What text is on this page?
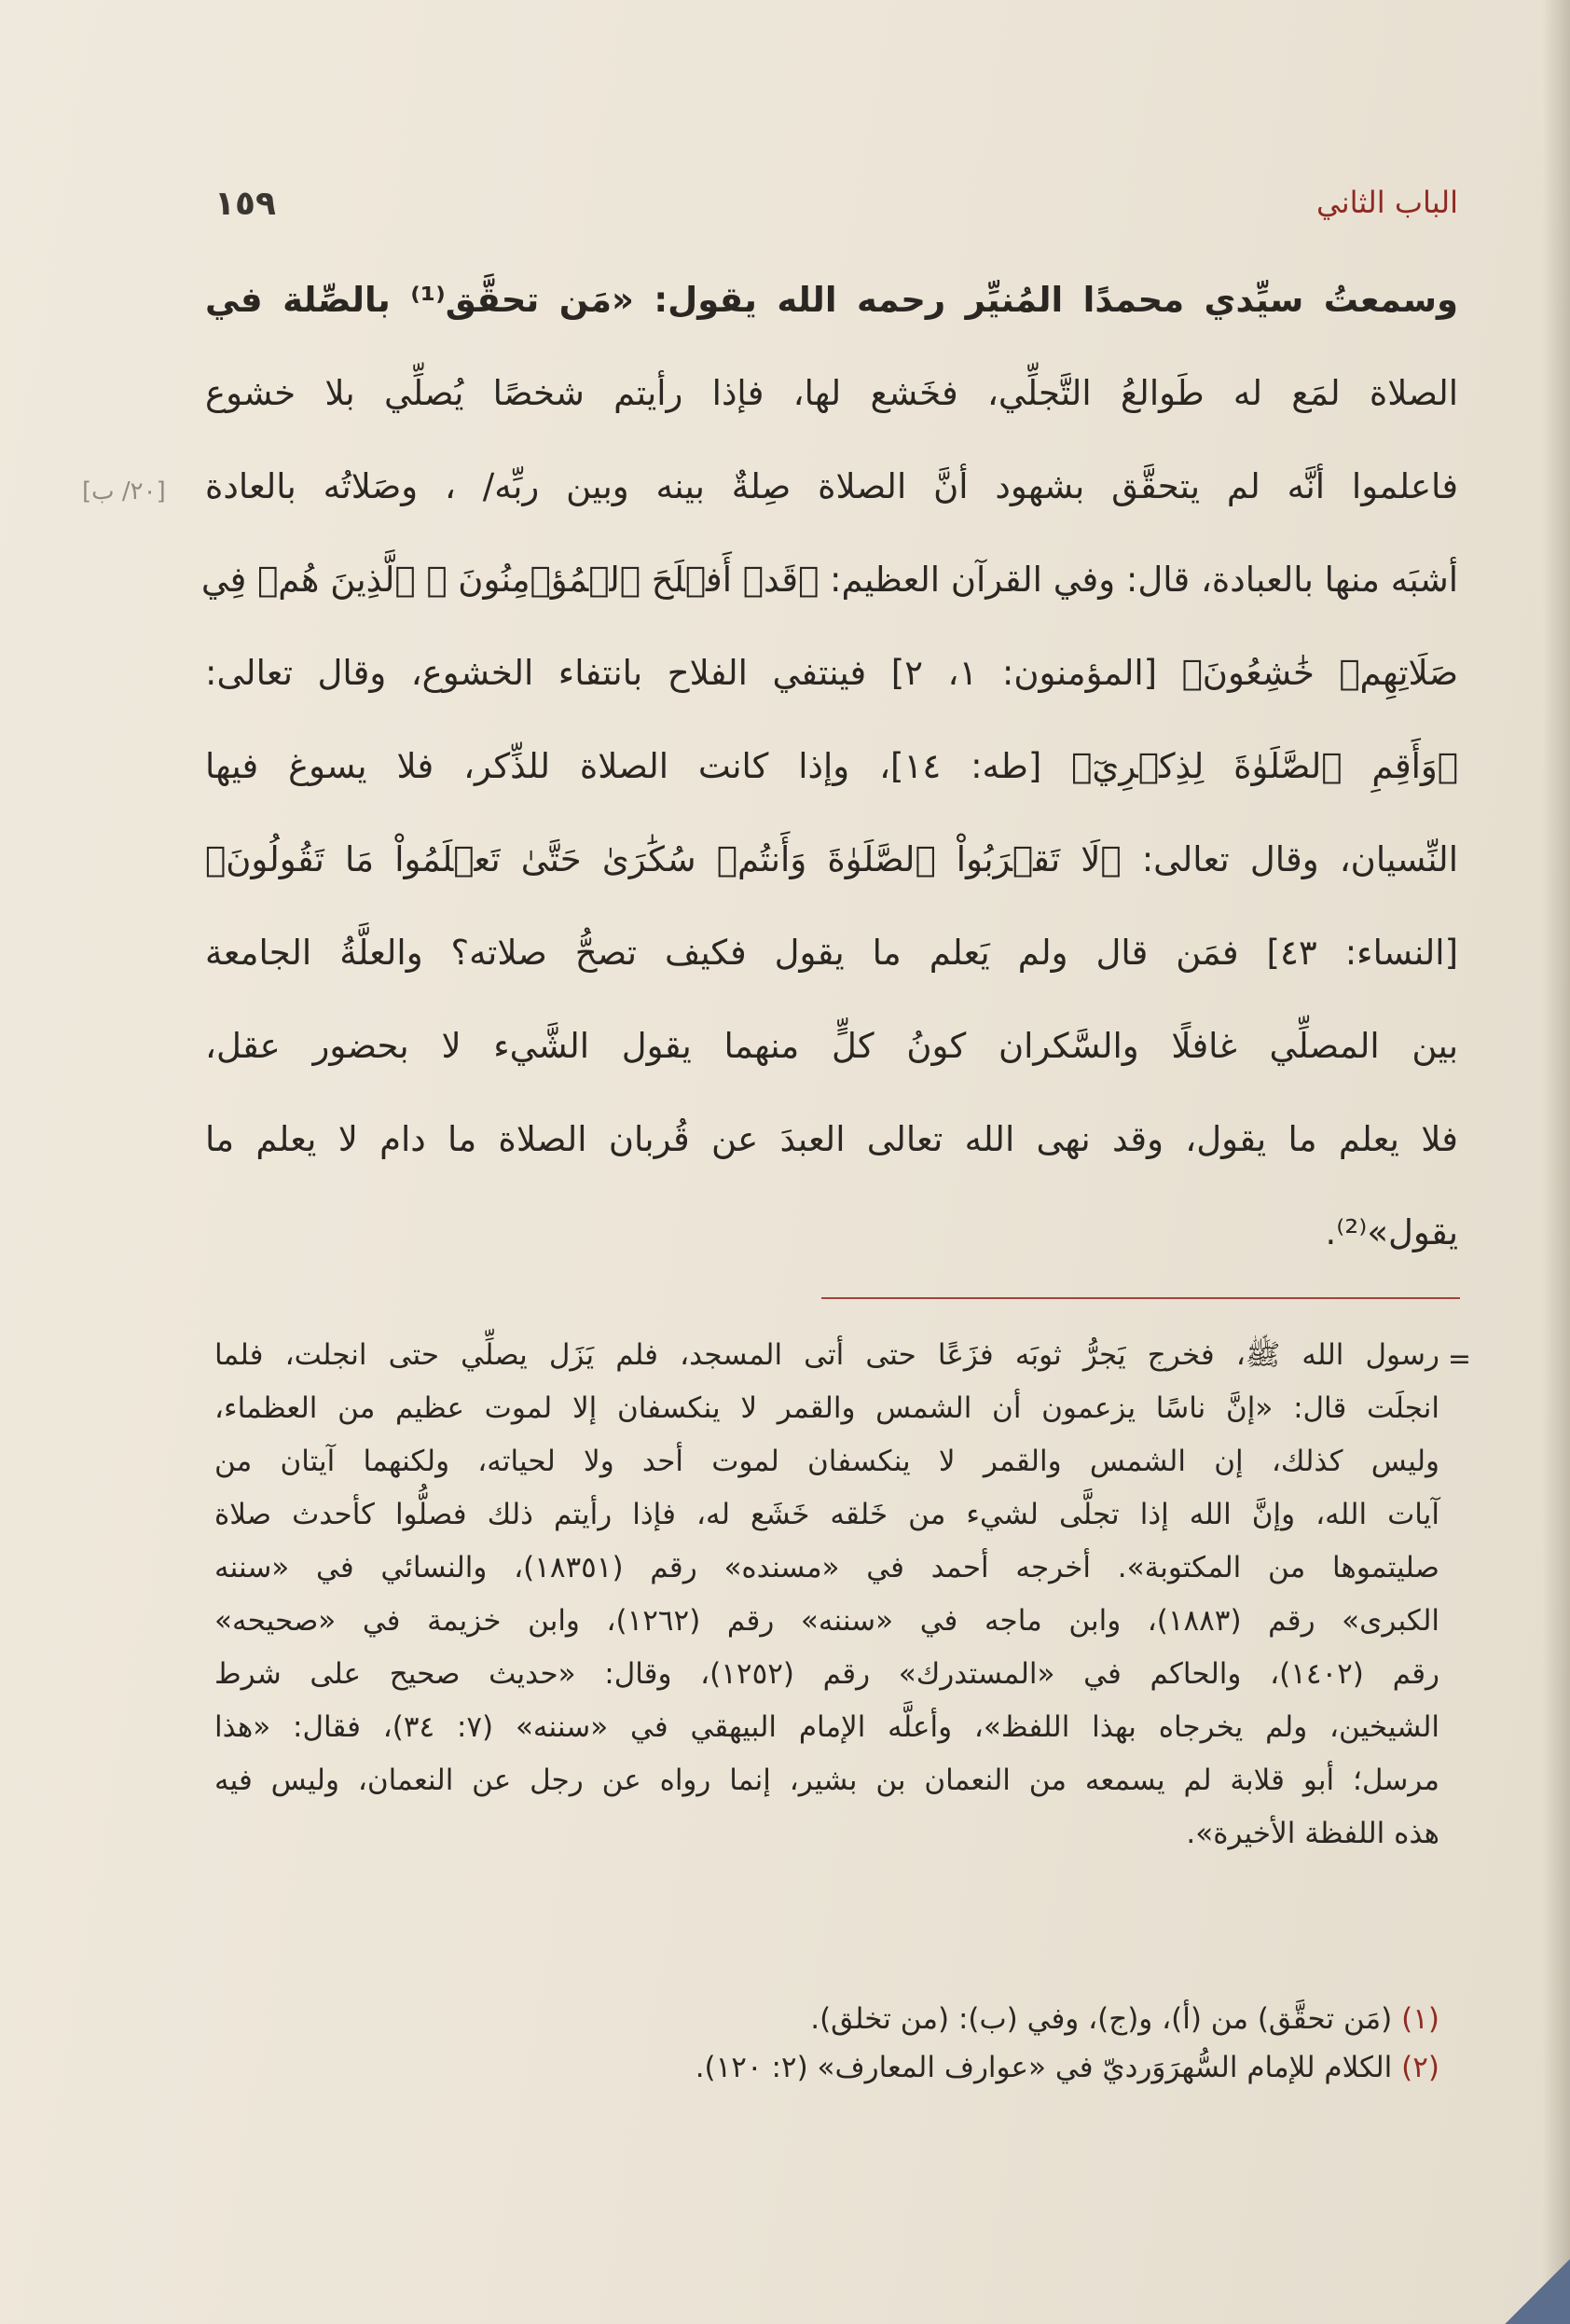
الباب الثاني
١٥٩
[٢٠/ ب]
وسمعتُ سيِّدي محمدًا المُنيِّر رحمه الله يقول: «مَن تحقَّق⁽¹⁾ بالصِّلة في
الصلاة لمَع له طَوالعُ التَّجلِّي، فخَشع لها، فإذا رأيتم شخصًا يُصلِّي بلا خشوع
فاعلموا أنَّه لم يتحقَّق بشهود أنَّ الصلاة صِلةٌ بينه وبين ربِّه/ ، وصَلاتُه بالعادة
أشبَه منها بالعبادة، قال: وفي القرآن العظيم: ﴿قَدۡ أَفۡلَحَ ٱلۡمُؤۡمِنُونَ ۞ ٱلَّذِينَ هُمۡ فِي
صَلَاتِهِمۡ خَٰشِعُونَ﴾ [المؤمنون: ١، ٢] فينتفي الفلاح بانتفاء الخشوع، وقال تعالى:
﴿وَأَقِمِ ٱلصَّلَوٰةَ لِذِكۡرِيٓ﴾ [طه: ١٤]، وإذا كانت الصلاة للذِّكر، فلا يسوغ فيها
النِّسيان، وقال تعالى: ﴿لَا تَقۡرَبُواْ ٱلصَّلَوٰةَ وَأَنتُمۡ سُكَٰرَىٰ حَتَّىٰ تَعۡلَمُواْ مَا تَقُولُونَ﴾
[النساء: ٤٣] فمَن قال ولم يَعلم ما يقول فكيف تصحُّ صلاته؟ والعلَّةُ الجامعة
بين المصلِّي غافلًا والسَّكران كونُ كلٍّ منهما يقول الشَّيء لا بحضور عقل،
فلا يعلم ما يقول، وقد نهى الله تعالى العبدَ عن قُربان الصلاة ما دام لا يعلم ما
يقول»⁽²⁾.
=
رسول الله ﷺ، فخرج يَجرُّ ثوبَه فزَعًا حتى أتى المسجد، فلم يَزَل يصلِّي حتى انجلت، فلما
انجلَت قال: «إنَّ ناسًا يزعمون أن الشمس والقمر لا ينكسفان إلا لموت عظيم من العظماء،
وليس كذلك، إن الشمس والقمر لا ينكسفان لموت أحد ولا لحياته، ولكنهما آيتان من
آيات الله، وإنَّ الله إذا تجلَّى لشيء من خَلقه خَشَع له، فإذا رأيتم ذلك فصلُّوا كأحدث صلاة
صليتموها من المكتوبة». أخرجه أحمد في «مسنده» رقم (١٨٣٥١)، والنسائي في «سننه
الكبرى» رقم (١٨٨٣)، وابن ماجه في «سننه» رقم (١٢٦٢)، وابن خزيمة في «صحيحه»
رقم (١٤٠٢)، والحاكم في «المستدرك» رقم (١٢٥٢)، وقال: «حديث صحيح على شرط
الشيخين، ولم يخرجاه بهذا اللفظ»، وأعلَّه الإمام البيهقي في «سننه» (٧: ٣٤)، فقال: «هذا
مرسل؛ أبو قلابة لم يسمعه من النعمان بن بشير، إنما رواه عن رجل عن النعمان، وليس فيه
هذه اللفظة الأخيرة».
(١) (مَن تحقَّق) من (أ)، و(ج)، وفي (ب): (من تخلق).
(٢) الكلام للإمام السُّهرَوَرديّ في «عوارف المعارف» (٢: ١٢٠).
